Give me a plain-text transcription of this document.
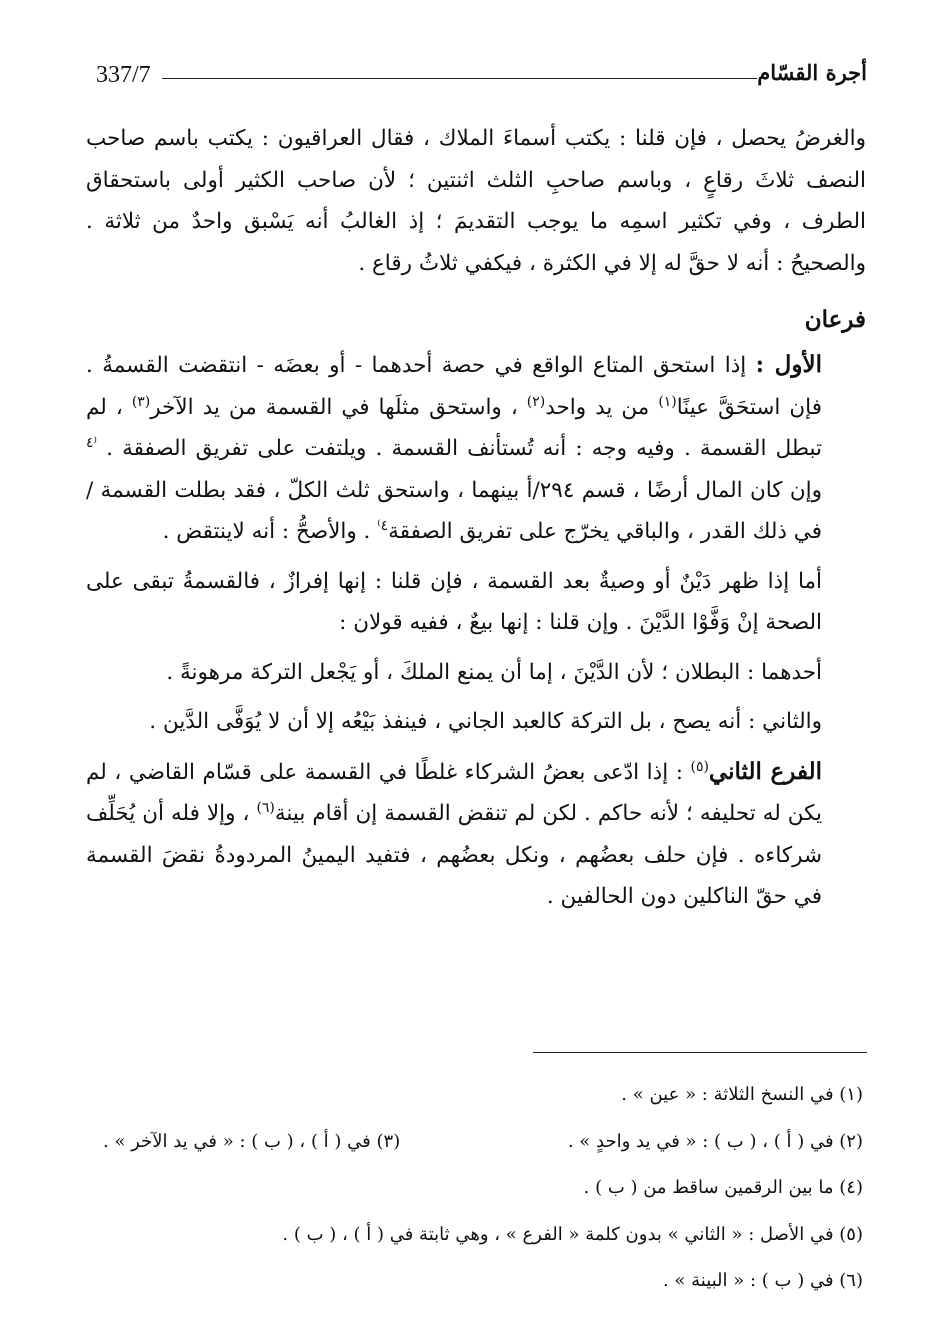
337/7	أجرة القسّام

والغرضُ يحصل ، فإن قلنا : يكتب أسماءَ الملاك ، فقال العراقيون : يكتب باسم صاحب النصف ثلاثَ رقاعٍ ، وباسم صاحبِ الثلث اثنتين ؛ لأن صاحب الكثير أولى باستحقاق الطرف ، وفي تكثير اسمِه ما يوجب التقديمَ ؛ إذ الغالبُ أنه يَسْبق واحدٌ من ثلاثة . والصحيحُ : أنه لا حقَّ له إلا في الكثرة ، فيكفي ثلاثُ رقاع .

فرعان

الأول : إذا استحق المتاع الواقع في حصة أحدهما - أو بعضَه - انتقضت القسمةُ . فإن استحَقَّ عينًا$^{(١)}$ من يد واحد$^{(٢)}$ ، واستحق مثلَها في القسمة من يد الآخر$^{(٣)}$ ، لم تبطل القسمة . وفيه وجه : أنه تُستأنف القسمة . ويلتفت على تفريق الصفقة . $^{^(٤}$ وإن كان المال أرضًا ، قسم ٢٩٤/أ بينهما ، واستحق ثلث الكلّ ، فقد بطلت القسمة / في ذلك القدر ، والباقي يخرّج على تفريق الصفقة$^{٤^)}$ . والأصحُّ : أنه لاينتقض .

أما إذا ظهر دَيْنٌ أو وصيةٌ بعد القسمة ، فإن قلنا : إنها إفرازٌ ، فالقسمةُ تبقى على الصحة إنْ وَفَّوْا الدَّيْنَ . وإن قلنا : إنها بيعٌ ، ففيه قولان :

أحدهما : البطلان ؛ لأن الدَّيْنَ ، إما أن يمنع الملكَ ، أو يَجْعل التركة مرهونةً .

والثاني : أنه يصح ، بل التركة كالعبد الجاني ، فينفذ بَيْعُه إلا أن لا يُوَفَّى الدَّين .

الفرع الثاني$^{(٥)}$ : إذا ادّعى بعضُ الشركاء غلطًا في القسمة على قسّام القاضي ، لم يكن له تحليفه ؛ لأنه حاكم . لكن لم تنقض القسمة إن أقام بينة$^{(٦)}$ ، وإلا فله أن يُحَلِّف شركاءه . فإن حلف بعضُهم ، ونكل بعضُهم ، فتفيد اليمينُ المردودةُ نقضَ القسمة في حقّ الناكلين دون الحالفين .

(١) في النسخ الثلاثة : « عين » .
(٢) في ( أ ) ، ( ب ) : « في يد واحدٍ » .
(٣) في ( أ ) ، ( ب ) : « في يد الآخر » .
(٤) ما بين الرقمين ساقط من ( ب ) .
(٥) في الأصل : « الثاني » بدون كلمة « الفرع » ، وهي ثابتة في ( أ ) ، ( ب ) .
(٦) في ( ب ) : « البينة » .
